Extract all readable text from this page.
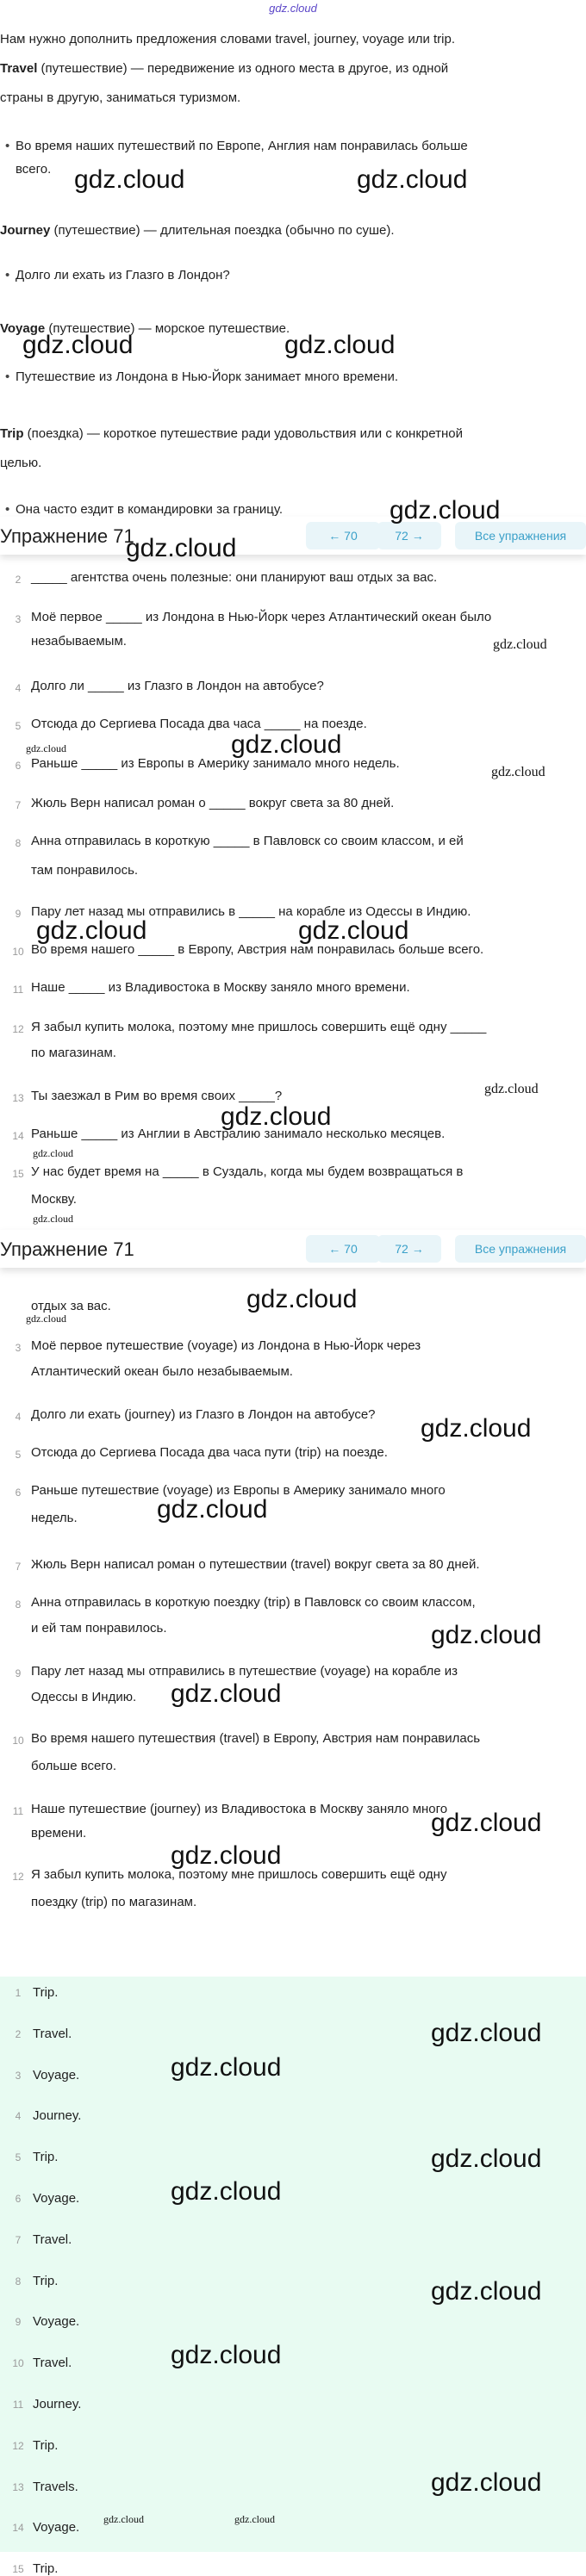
gdz.cloud
Нам нужно дополнить предложения словами travel, journey, voyage или trip.
Travel (путешествие) — передвижение из одного места в другое, из одной
страны в другую, заниматься туризмом.
• Во время наших путешествий по Европе, Англия нам понравилась больше
• всего.
Journey (путешествие) — длительная поездка (обычно по суше).
• Долго ли ехать из Глазго в Лондон?
Voyage (путешествие) — морское путешествие.
• Путешествие из Лондона в Нью-Йорк занимает много времени.
Trip (поездка) — короткое путешествие ради удовольствия или с конкретной
целью.
• Она часто ездит в командировки за границу.
Упражнение 71	← 70	72 →	Все упражнения
2 _____ агентства очень полезные: они планируют ваш отдых за вас.
3 Моё первое _____ из Лондона в Нью-Йорк через Атлантический океан было
незабываемым.
4 Долго ли _____ из Глазго в Лондон на автобусе?
5 Отсюда до Сергиева Посада два часа _____ на поезде.
6 Раньше _____ из Европы в Америку занимало много недель.
7 Жюль Верн написал роман о _____ вокруг света за 80 дней.
8 Анна отправилась в короткую _____ в Павловск со своим классом, и ей
там понравилось.
9 Пару лет назад мы отправились в _____ на корабле из Одессы в Индию.
10 Во время нашего _____ в Европу, Австрия нам понравилась больше всего.
11 Наше _____ из Владивостока в Москву заняло много времени.
12 Я забыл купить молока, поэтому мне пришлось совершить ещё одну _____
по магазинам.
13 Ты заезжал в Рим во время своих _____?
14 Раньше _____ из Англии в Австралию занимало несколько месяцев.
15 У нас будет время на _____ в Суздаль, когда мы будем возвращаться в
Москву.
Упражнение 71	← 70	72 →	Все упражнения
отдых за вас.
3 Моё первое путешествие (voyage) из Лондона в Нью-Йорк через
Атлантический океан было незабываемым.
4 Долго ли ехать (journey) из Глазго в Лондон на автобусе?
5 Отсюда до Сергиева Посада два часа пути (trip) на поезде.
6 Раньше путешествие (voyage) из Европы в Америку занимало много
недель.
7 Жюль Верн написал роман о путешествии (travel) вокруг света за 80 дней.
8 Анна отправилась в короткую поездку (trip) в Павловск со своим классом,
и ей там понравилось.
9 Пару лет назад мы отправились в путешествие (voyage) на корабле из
Одессы в Индию.
10 Во время нашего путешествия (travel) в Европу, Австрия нам понравилась
больше всего.
11 Наше путешествие (journey) из Владивостока в Москву заняло много
времени.
12 Я забыл купить молока, поэтому мне пришлось совершить ещё одну
поездку (trip) по магазинам.
1 Trip.
2 Travel.
3 Voyage.
4 Journey.
5 Trip.
6 Voyage.
7 Travel.
8 Trip.
9 Voyage.
10 Travel.
11 Journey.
12 Trip.
13 Travels.
14 Voyage.
15 Trip.
gdz.cloud	gdz.cloud
gdz.cloud	gdz.cloud
gdz.cloud
gdz.cloud
gdz.cloud
gdz.cloud
gdz.cloud
gdz.cloud
gdz.cloud	gdz.cloud
gdz.cloud
gdz.cloud
gdz.cloud
gdz.cloud
gdz.cloud
gdz.cloud
gdz.cloud
gdz.cloud
gdz.cloud
gdz.cloud
gdz.cloud
gdz.cloud
gdz.cloud
gdz.cloud
gdz.cloud
gdz.cloud
gdz.cloud
gdz.cloud
gdz.cloud
gdz.cloud	gdz.cloud
